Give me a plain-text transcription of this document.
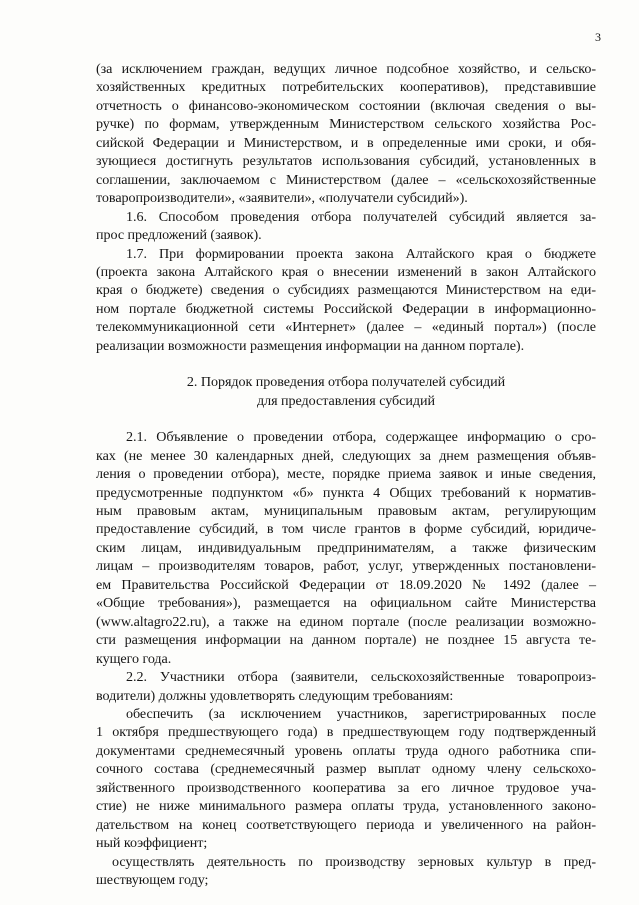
3
(за исключением граждан, ведущих личное подсобное хозяйство, и сельско-
хозяйственных кредитных потребительских кооперативов), представившие
отчетность о финансово-экономическом состоянии (включая сведения о вы-
ручке) по формам, утвержденным Министерством сельского хозяйства Рос-
сийской Федерации и Министерством, и в определенные ими сроки, и обя-
зующиеся достигнуть результатов использования субсидий, установленных в
соглашении, заключаемом с Министерством (далее – «сельскохозяйственные
товаропроизводители», «заявители», «получатели субсидий»).
1.6. Способом проведения отбора получателей субсидий является за-
прос предложений (заявок).
1.7. При формировании проекта закона Алтайского края о бюджете
(проекта закона Алтайского края о внесении изменений в закон Алтайского
края о бюджете) сведения о субсидиях размещаются Министерством на еди-
ном портале бюджетной системы Российской Федерации в информационно-
телекоммуникационной сети «Интернет» (далее – «единый портал») (после
реализации возможности размещения информации на данном портале).
2. Порядок проведения отбора получателей субсидий
для предоставления субсидий
2.1. Объявление о проведении отбора, содержащее информацию о сро-
ках (не менее 30 календарных дней, следующих за днем размещения объяв-
ления о проведении отбора), месте, порядке приема заявок и иные сведения,
предусмотренные подпунктом «б» пункта 4 Общих требований к норматив-
ным правовым актам, муниципальным правовым актам, регулирующим
предоставление субсидий, в том числе грантов в форме субсидий, юридиче-
ским лицам, индивидуальным предпринимателям, а также физическим
лицам – производителям товаров, работ, услуг, утвержденных постановлени-
ем Правительства Российской Федерации от 18.09.2020 № 1492 (далее –
«Общие требования»), размещается на официальном сайте Министерства
(www.altagro22.ru), а также на едином портале (после реализации возможно-
сти размещения информации на данном портале) не позднее 15 августа те-
кущего года.
2.2. Участники отбора (заявители, сельскохозяйственные товаропроиз-
водители) должны удовлетворять следующим требованиям:
обеспечить (за исключением участников, зарегистрированных после
1 октября предшествующего года) в предшествующем году подтвержденный
документами среднемесячный уровень оплаты труда одного работника спи-
сочного состава (среднемесячный размер выплат одному члену сельскохо-
зяйственного производственного кооператива за его личное трудовое уча-
стие) не ниже минимального размера оплаты труда, установленного законо-
дательством на конец соответствующего периода и увеличенного на район-
ный коэффициент;
осуществлять деятельность по производству зерновых культур в пред-
шествующем году;
